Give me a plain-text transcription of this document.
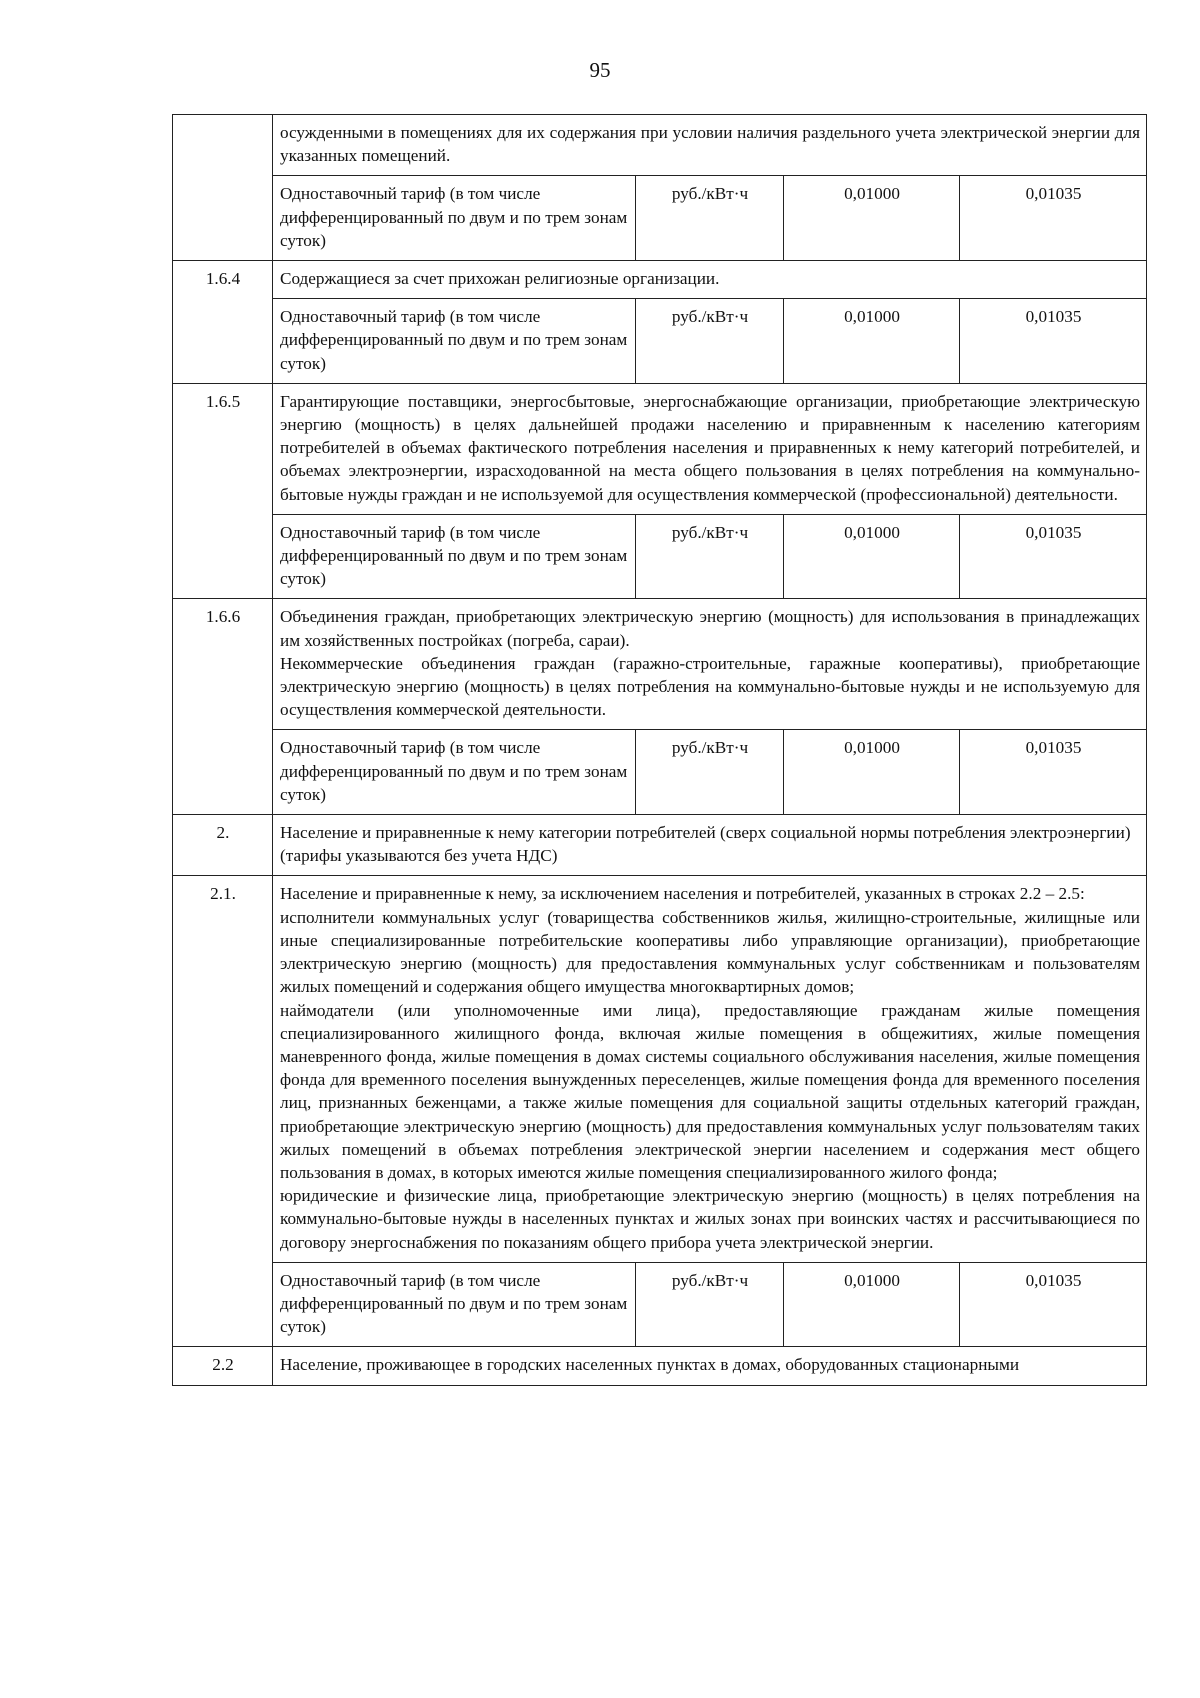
95
	осужденными в помещениях для их содержания при условии наличия раздельного учета электрической энергии для указанных помещений.			
	Одноставочный тариф (в том числе дифференцированный по двум и по трем зонам суток)	руб./кВт·ч	0,01000	0,01035
1.6.4	Содержащиеся за счет прихожан религиозные организации.			
	Одноставочный тариф (в том числе дифференцированный по двум и по трем зонам суток)	руб./кВт·ч	0,01000	0,01035
1.6.5	Гарантирующие поставщики, энергосбытовые, энергоснабжающие организации, приобретающие электрическую энергию (мощность) в целях дальнейшей продажи населению и приравненным к населению категориям потребителей в объемах фактического потребления населения и приравненных к нему категорий потребителей, и объемах электроэнергии, израсходованной на места общего пользования в целях потребления на коммунально-бытовые нужды граждан и не используемой для осуществления коммерческой (профессиональной) деятельности.			
	Одноставочный тариф (в том числе дифференцированный по двум и по трем зонам суток)	руб./кВт·ч	0,01000	0,01035
1.6.6	Объединения граждан, приобретающих электрическую энергию (мощность) для использования в принадлежащих им хозяйственных постройках (погреба, сараи).

Некоммерческие объединения граждан (гаражно-строительные, гаражные кооперативы), приобретающие электрическую энергию (мощность) в целях потребления на коммунально-бытовые нужды и не используемую для осуществления коммерческой деятельности.			

	Одноставочный тариф (в том числе дифференцированный по двум и по трем зонам суток)	руб./кВт·ч	0,01000	0,01035
2.	Население и приравненные к нему категории потребителей (сверх социальной нормы потребления электроэнергии) (тарифы указываются без учета НДС)			
2.1.	Население и приравненные к нему, за исключением населения и потребителей, указанных в строках 2.2 – 2.5:

исполнители коммунальных услуг (товарищества собственников жилья, жилищно-строительные, жилищные или иные специализированные потребительские кооперативы либо управляющие организации), приобретающие электрическую энергию (мощность) для предоставления коммунальных услуг собственникам и пользователям жилых помещений и содержания общего имущества многоквартирных домов;

наймодатели (или уполномоченные ими лица), предоставляющие гражданам жилые помещения специализированного жилищного фонда, включая жилые помещения в общежитиях, жилые помещения маневренного фонда, жилые помещения в домах системы социального обслуживания населения, жилые помещения фонда для временного поселения вынужденных переселенцев, жилые помещения фонда для временного поселения лиц, признанных беженцами, а также жилые помещения для социальной защиты отдельных категорий граждан, приобретающие электрическую энергию (мощность) для предоставления коммунальных услуг пользователям таких жилых помещений в объемах потребления электрической энергии населением и содержания мест общего пользования в домах, в которых имеются жилые помещения специализированного жилого фонда;

юридические и физические лица, приобретающие электрическую энергию (мощность) в целях потребления на коммунально-бытовые нужды в населенных пунктах и жилых зонах при воинских частях и рассчитывающиеся по договору энергоснабжения по показаниям общего прибора учета электрической энергии.			

	Одноставочный тариф (в том числе дифференцированный по двум и по трем зонам суток)	руб./кВт·ч	0,01000	0,01035
2.2	Население, проживающее в городских населенных пунктах в домах, оборудованных стационарными			
